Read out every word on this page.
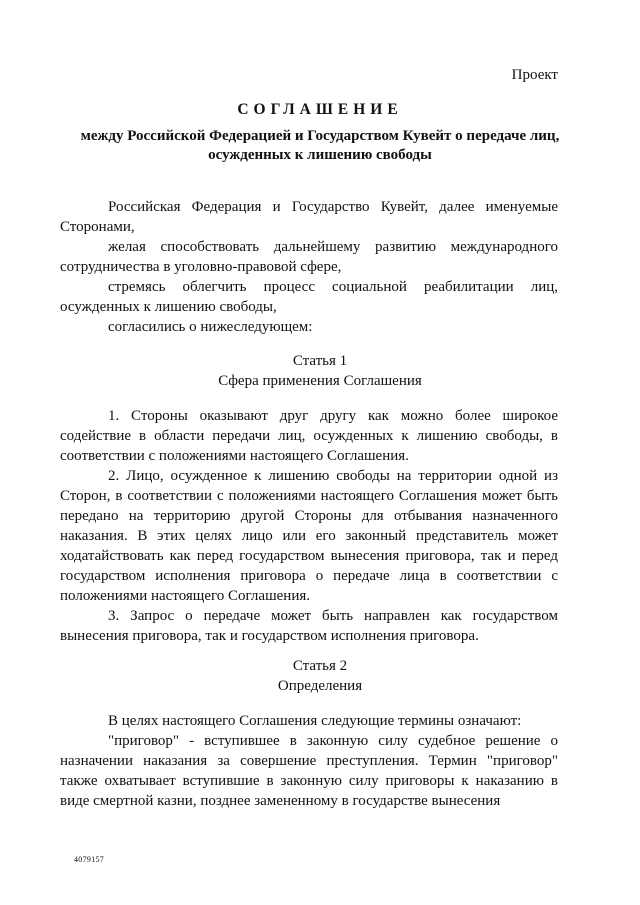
Проект
СОГЛАШЕНИЕ
между Российской Федерацией и Государством Кувейт о передаче лиц,
осужденных к лишению свободы

Российская Федерация и Государство Кувейт, далее именуемые Сторонами,

желая способствовать дальнейшему развитию международного сотрудничества в уголовно-правовой сфере,

стремясь облегчить процесс социальной реабилитации лиц, осужденных к лишению свободы,

согласились о нижеследующем:

Статья 1
Сфера применения Соглашения

1. Стороны оказывают друг другу как можно более широкое содействие в области передачи лиц, осужденных к лишению свободы, в соответствии с положениями настоящего Соглашения.

2. Лицо, осужденное к лишению свободы на территории одной из Сторон, в соответствии с положениями настоящего Соглашения может быть передано на территорию другой Стороны для отбывания назначенного наказания. В этих целях лицо или его законный представитель может ходатайствовать как перед государством вынесения приговора, так и перед государством исполнения приговора о передаче лица в соответствии с положениями настоящего Соглашения.

3. Запрос о передаче может быть направлен как государством вынесения приговора, так и государством исполнения приговора.

Статья 2
Определения

В целях настоящего Соглашения следующие термины означают:

"приговор" - вступившее в законную силу судебное решение о назначении наказания за совершение преступления. Термин "приговор" также охватывает вступившие в законную силу приговоры к наказанию в виде смертной казни, позднее замененному в государстве вынесения

4079157
